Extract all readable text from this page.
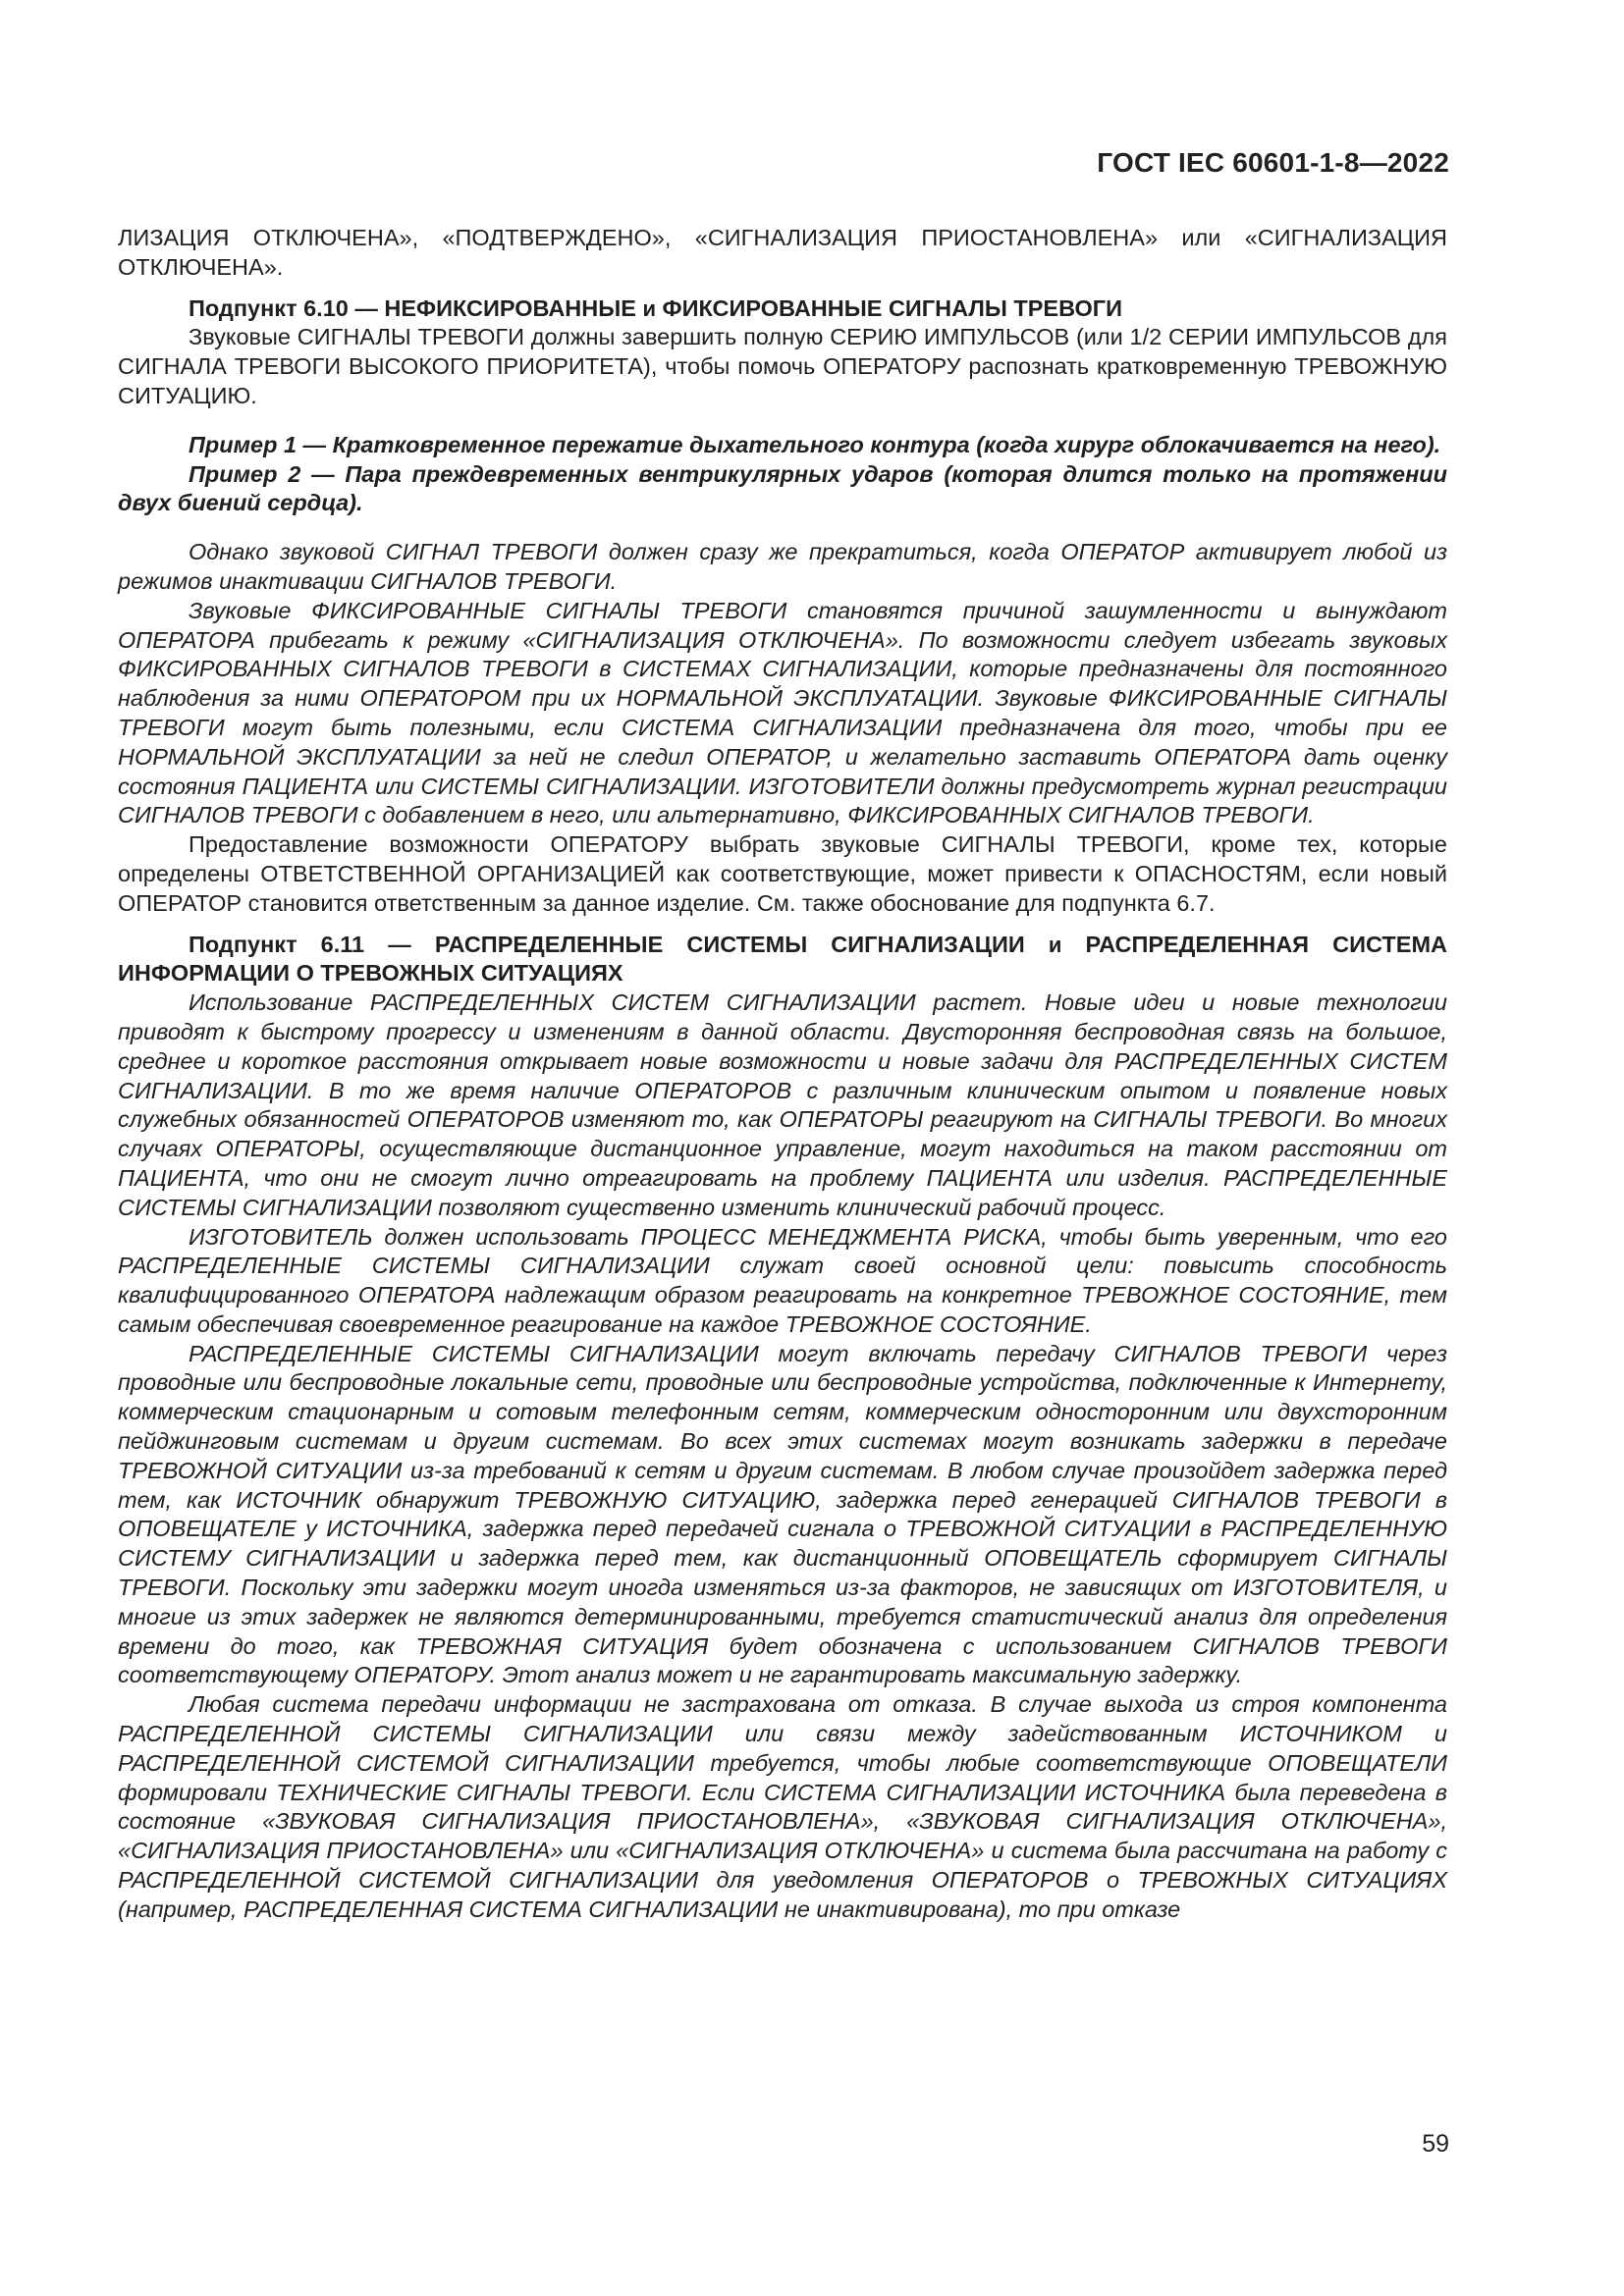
ГОСТ IEC 60601-1-8—2022

ЛИЗАЦИЯ ОТКЛЮЧЕНА», «ПОДТВЕРЖДЕНО», «СИГНАЛИЗАЦИЯ ПРИОСТАНОВЛЕНА» или «СИГНАЛИЗАЦИЯ ОТКЛЮЧЕНА».

Подпункт 6.10 — НЕФИКСИРОВАННЫЕ и ФИКСИРОВАННЫЕ СИГНАЛЫ ТРЕВОГИ

Звуковые СИГНАЛЫ ТРЕВОГИ должны завершить полную СЕРИЮ ИМПУЛЬСОВ (или 1/2 СЕРИИ ИМПУЛЬСОВ для СИГНАЛА ТРЕВОГИ ВЫСОКОГО ПРИОРИТЕТА), чтобы помочь ОПЕРАТОРУ распознать кратковременную ТРЕВОЖНУЮ СИТУАЦИЮ.

Пример 1 — Кратковременное пережатие дыхательного контура (когда хирург облокачивается на него).

Пример 2 — Пара преждевременных вентрикулярных ударов (которая длится только на протяжении двух биений сердца).

Однако звуковой СИГНАЛ ТРЕВОГИ должен сразу же прекратиться, когда ОПЕРАТОР активирует любой из режимов инактивации СИГНАЛОВ ТРЕВОГИ.

Звуковые ФИКСИРОВАННЫЕ СИГНАЛЫ ТРЕВОГИ становятся причиной зашумленности и вынуждают ОПЕРАТОРА прибегать к режиму «СИГНАЛИЗАЦИЯ ОТКЛЮЧЕНА». По возможности следует избегать звуковых ФИКСИРОВАННЫХ СИГНАЛОВ ТРЕВОГИ в СИСТЕМАХ СИГНАЛИЗАЦИИ, которые предназначены для постоянного наблюдения за ними ОПЕРАТОРОМ при их НОРМАЛЬНОЙ ЭКСПЛУАТАЦИИ. Звуковые ФИКСИРОВАННЫЕ СИГНАЛЫ ТРЕВОГИ могут быть полезными, если СИСТЕМА СИГНАЛИЗАЦИИ предназначена для того, чтобы при ее НОРМАЛЬНОЙ ЭКСПЛУАТАЦИИ за ней не следил ОПЕРАТОР, и желательно заставить ОПЕРАТОРА дать оценку состояния ПАЦИЕНТА или СИСТЕМЫ СИГНАЛИЗАЦИИ. ИЗГОТОВИТЕЛИ должны предусмотреть журнал регистрации СИГНАЛОВ ТРЕВОГИ с добавлением в него, или альтернативно, ФИКСИРОВАННЫХ СИГНАЛОВ ТРЕВОГИ.

Предоставление возможности ОПЕРАТОРУ выбрать звуковые СИГНАЛЫ ТРЕВОГИ, кроме тех, которые определены ОТВЕТСТВЕННОЙ ОРГАНИЗАЦИЕЙ как соответствующие, может привести к ОПАСНОСТЯМ, если новый ОПЕРАТОР становится ответственным за данное изделие. См. также обоснование для подпункта 6.7.

Подпункт 6.11 — РАСПРЕДЕЛЕННЫЕ СИСТЕМЫ СИГНАЛИЗАЦИИ и РАСПРЕДЕЛЕННАЯ СИСТЕМА ИНФОРМАЦИИ О ТРЕВОЖНЫХ СИТУАЦИЯХ

Использование РАСПРЕДЕЛЕННЫХ СИСТЕМ СИГНАЛИЗАЦИИ растет. Новые идеи и новые технологии приводят к быстрому прогрессу и изменениям в данной области. Двусторонняя беспроводная связь на большое, среднее и короткое расстояния открывает новые возможности и новые задачи для РАСПРЕДЕЛЕННЫХ СИСТЕМ СИГНАЛИЗАЦИИ. В то же время наличие ОПЕРАТОРОВ с различным клиническим опытом и появление новых служебных обязанностей ОПЕРАТОРОВ изменяют то, как ОПЕРАТОРЫ реагируют на СИГНАЛЫ ТРЕВОГИ. Во многих случаях ОПЕРАТОРЫ, осуществляющие дистанционное управление, могут находиться на таком расстоянии от ПАЦИЕНТА, что они не смогут лично отреагировать на проблему ПАЦИЕНТА или изделия. РАСПРЕДЕЛЕННЫЕ СИСТЕМЫ СИГНАЛИЗАЦИИ позволяют существенно изменить клинический рабочий процесс.

ИЗГОТОВИТЕЛЬ должен использовать ПРОЦЕСС МЕНЕДЖМЕНТА РИСКА, чтобы быть уверенным, что его РАСПРЕДЕЛЕННЫЕ СИСТЕМЫ СИГНАЛИЗАЦИИ служат своей основной цели: повысить способность квалифицированного ОПЕРАТОРА надлежащим образом реагировать на конкретное ТРЕВОЖНОЕ СОСТОЯНИЕ, тем самым обеспечивая своевременное реагирование на каждое ТРЕВОЖНОЕ СОСТОЯНИЕ.

РАСПРЕДЕЛЕННЫЕ СИСТЕМЫ СИГНАЛИЗАЦИИ могут включать передачу СИГНАЛОВ ТРЕВОГИ через проводные или беспроводные локальные сети, проводные или беспроводные устройства, подключенные к Интернету, коммерческим стационарным и сотовым телефонным сетям, коммерческим односторонним или двухсторонним пейджинговым системам и другим системам. Во всех этих системах могут возникать задержки в передаче ТРЕВОЖНОЙ СИТУАЦИИ из-за требований к сетям и другим системам. В любом случае произойдет задержка перед тем, как ИСТОЧНИК обнаружит ТРЕВОЖНУЮ СИТУАЦИЮ, задержка перед генерацией СИГНАЛОВ ТРЕВОГИ в ОПОВЕЩАТЕЛЕ у ИСТОЧНИКА, задержка перед передачей сигнала о ТРЕВОЖНОЙ СИТУАЦИИ в РАСПРЕДЕЛЕННУЮ СИСТЕМУ СИГНАЛИЗАЦИИ и задержка перед тем, как дистанционный ОПОВЕЩАТЕЛЬ сформирует СИГНАЛЫ ТРЕВОГИ. Поскольку эти задержки могут иногда изменяться из-за факторов, не зависящих от ИЗГОТОВИТЕЛЯ, и многие из этих задержек не являются детерминированными, требуется статистический анализ для определения времени до того, как ТРЕВОЖНАЯ СИТУАЦИЯ будет обозначена с использованием СИГНАЛОВ ТРЕВОГИ соответствующему ОПЕРАТОРУ. Этот анализ может и не гарантировать максимальную задержку.

Любая система передачи информации не застрахована от отказа. В случае выхода из строя компонента РАСПРЕДЕЛЕННОЙ СИСТЕМЫ СИГНАЛИЗАЦИИ или связи между задействованным ИСТОЧНИКОМ и РАСПРЕДЕЛЕННОЙ СИСТЕМОЙ СИГНАЛИЗАЦИИ требуется, чтобы любые соответствующие ОПОВЕЩАТЕЛИ формировали ТЕХНИЧЕСКИЕ СИГНАЛЫ ТРЕВОГИ. Если СИСТЕМА СИГНАЛИЗАЦИИ ИСТОЧНИКА была переведена в состояние «ЗВУКОВАЯ СИГНАЛИЗАЦИЯ ПРИОСТАНОВЛЕНА», «ЗВУКОВАЯ СИГНАЛИЗАЦИЯ ОТКЛЮЧЕНА», «СИГНАЛИЗАЦИЯ ПРИОСТАНОВЛЕНА» или «СИГНАЛИЗАЦИЯ ОТКЛЮЧЕНА» и система была рассчитана на работу с РАСПРЕДЕЛЕННОЙ СИСТЕМОЙ СИГНАЛИЗАЦИИ для уведомления ОПЕРАТОРОВ о ТРЕВОЖНЫХ СИТУАЦИЯХ (например, РАСПРЕДЕЛЕННАЯ СИСТЕМА СИГНАЛИЗАЦИИ не инактивирована), то при отказе

59
